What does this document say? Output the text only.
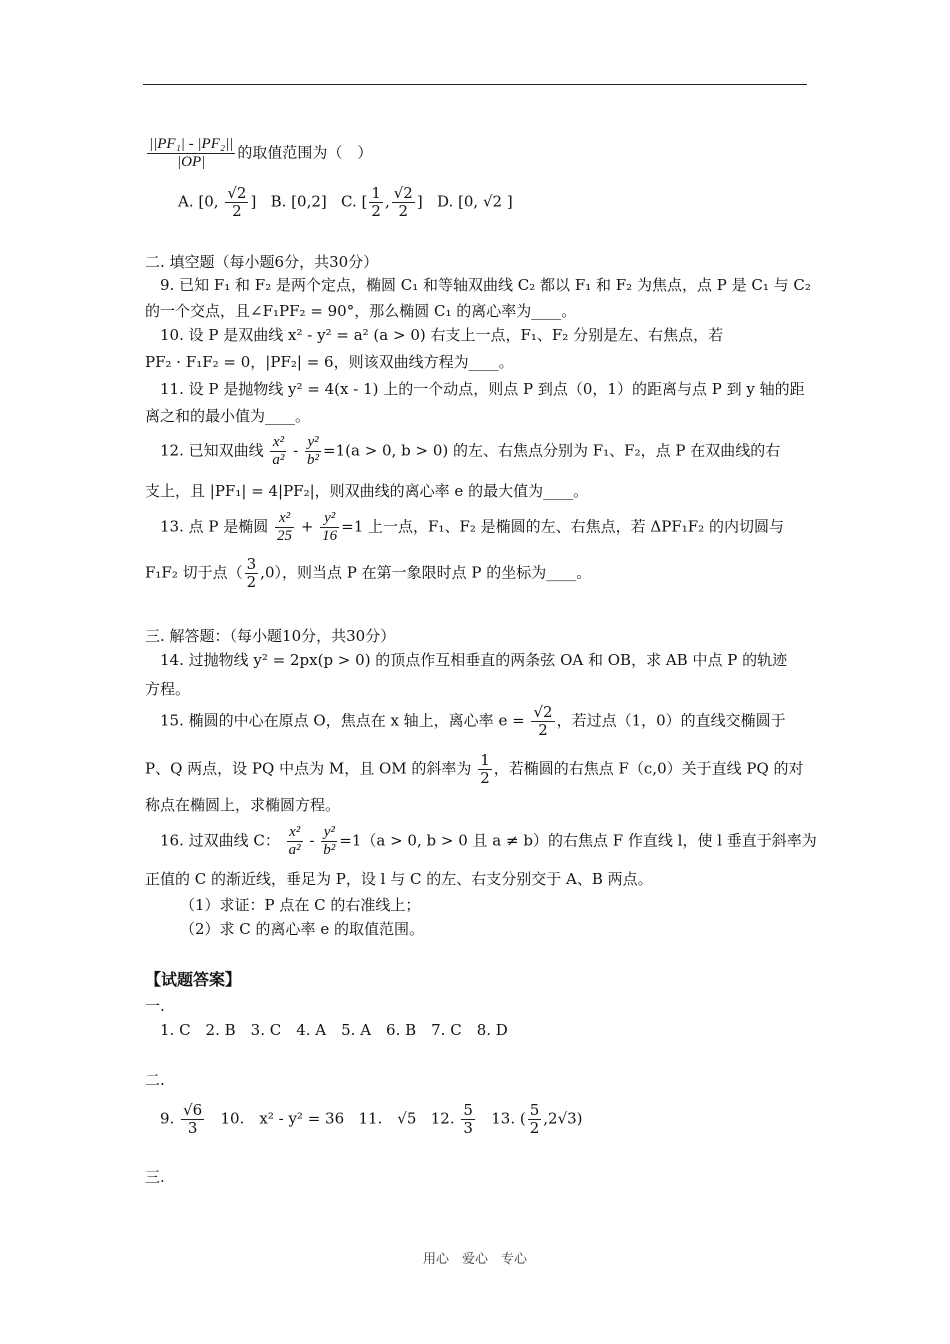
$\frac{\text{||PF₁| - |PF₂||}}{|OP|}$ 的取值范围为（　）
A. [0, $\frac{√2}{2}$ ] B. [0,2] C. [ $\frac{1}{2}$ , $\frac{√2}{2}$ ] D. [0, √2 ]
二. 填空题（每小题6分，共30分）
9. 已知 F₁ 和 F₂ 是两个定点，椭圆 C₁ 和等轴双曲线 C₂ 都以 F₁ 和 F₂ 为焦点，点 P 是 C₁ 与 C₂
的一个交点，且∠F₁PF₂ = 90°，那么椭圆 C₁ 的离心率为____。
10. 设 P 是双曲线 x² - y² = a² (a > 0) 右支上一点，F₁、F₂ 分别是左、右焦点，若
PF₂ · F₁F₂ = 0，|PF₂| = 6，则该双曲线方程为____。
11. 设 P 是抛物线 y² = 4(x - 1) 上的一个动点，则点 P 到点（0，1）的距离与点 P 到 y 轴的距
离之和的最小值为____。
12. 已知双曲线 $\frac{\text{x²}}{\text{a²}} - \frac{\text{y²}}{\text{b²}} =1(a > 0$, b > 0) 的左、右焦点分别为 F₁、F₂，点 P 在双曲线的右
支上，且 |PF₁| = 4|PF₂|，则双曲线的离心率 e 的最大值为____。
13. 点 P 是椭圆 $\frac{\text{x²}}{25} + \frac{\text{y²}}{16} =1$ 上一点，F₁、F₂ 是椭圆的左、右焦点，若 ΔPF₁F₂ 的内切圆与
F₁F₂ 切于点（ $\frac{3}{2} ,0$），则当点 P 在第一象限时点 P 的坐标为____。
三. 解答题：（每小题10分，共30分）
14. 过抛物线 y² = 2px(p > 0) 的顶点作互相垂直的两条弦 OA 和 OB，求 AB 中点 P 的轨迹
方程。
15. 椭圆的中心在原点 O，焦点在 x 轴上，离心率 $e = \frac{√2}{2}$ ，若过点（1，0）的直线交椭圆于
P、Q 两点，设 PQ 中点为 M，且 OM 的斜率为 $\frac{1}{2}$ ，若椭圆的右焦点 F（c,0）关于直线 PQ 的对
称点在椭圆上，求椭圆方程。
16. 过双曲线 C： $\frac{\text{x²}}{\text{a²}} - \frac{\text{y²}}{\text{b²}} =1(a > 0$, b > 0 且 a ≠ b）的右焦点 F 作直线 l，使 l 垂直于斜率为
正值的 C 的渐近线，垂足为 P，设 l 与 C 的左、右支分别交于 A、B 两点。
（1）求证：P 点在 C 的右准线上；
（2）求 C 的离心率 e 的取值范围。
【试题答案】
一.
1. C　2. B　3. C　4. A　5. A　6. B　7. C　8. D
二.
9. $\frac{√6}{3} 10$.　x² - y² = 36 11.　√5 12. $\frac{5}{3} 13$. ( $\frac{5}{2} ,2√3$)
三.
用心　爱心　专心
